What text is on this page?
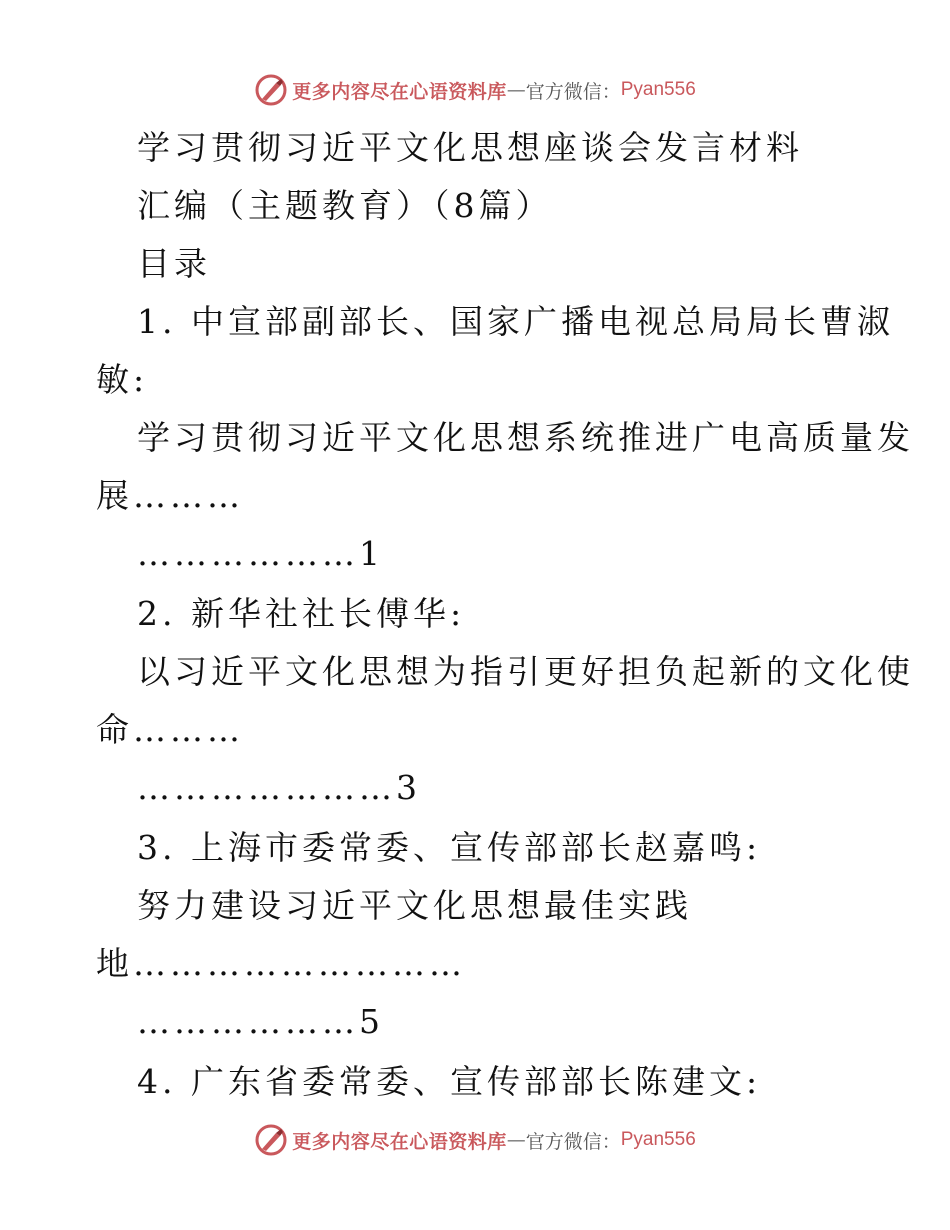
更多内容尽在心语资料库 — 官方微信： Pyan556
学习贯彻习近平文化思想座谈会发言材料
汇编（主题教育）（8篇）
目录
1. 中宣部副部长、国家广播电视总局局长曹淑
敏:
学习贯彻习近平文化思想系统推进广电高质量发
展………
………………1
2. 新华社社长傅华:
以习近平文化思想为指引更好担负起新的文化使
命………
…………………3
3. 上海市委常委、宣传部部长赵嘉鸣:
努力建设习近平文化思想最佳实践
地………………………
………………5
4. 广东省委常委、宣传部部长陈建文:
更多内容尽在心语资料库 — 官方微信： Pyan556
